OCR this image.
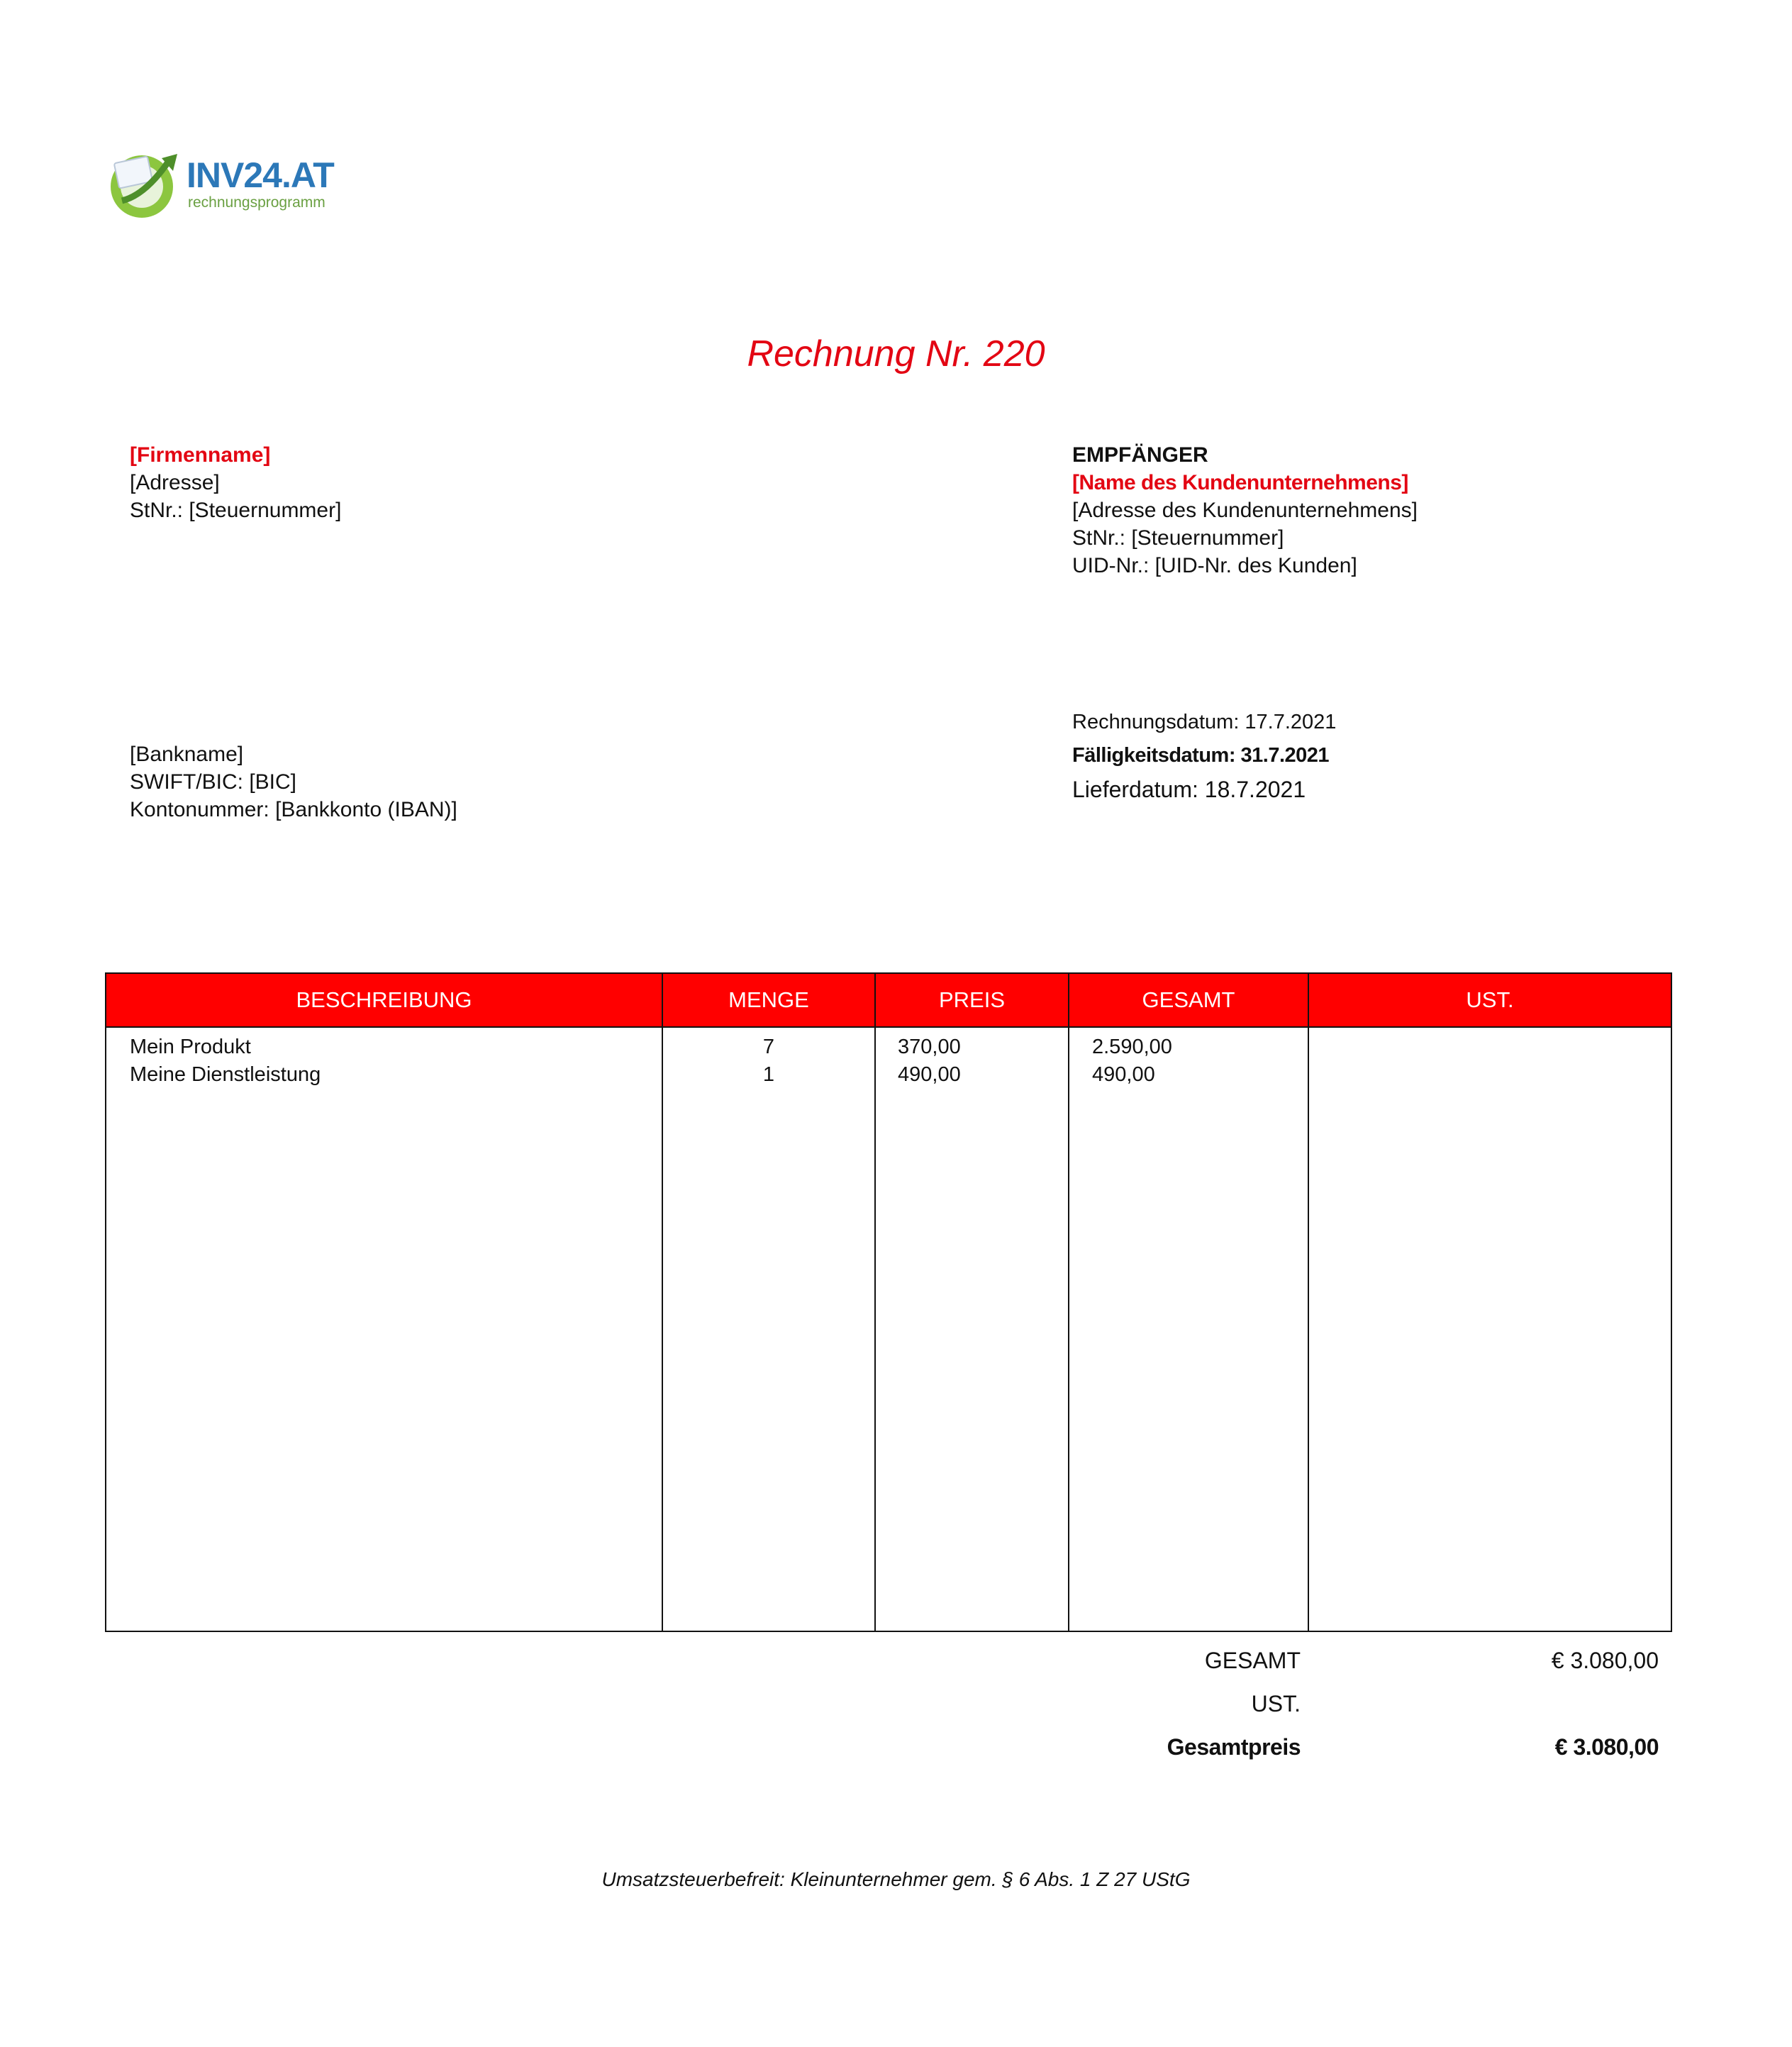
INV24.AT
rechnungsprogramm
Rechnung Nr. 220
[Firmenname]
[Adresse]
StNr.: [Steuernummer]
EMPFÄNGER
[Name des Kundenunternehmens]
[Adresse des Kundenunternehmens]
StNr.: [Steuernummer]
UID-Nr.: [UID-Nr. des Kunden]
[Bankname]
SWIFT/BIC: [BIC]
Kontonummer: [Bankkonto (IBAN)]
Rechnungsdatum: 17.7.2021
Fälligkeitsdatum: 31.7.2021
Lieferdatum: 18.7.2021
BESCHREIBUNG	MENGE	PREIS	GESAMT	UST.
Mein Produkt	7	370,00	2.590,00
Meine Dienstleistung	1	490,00	490,00
GESAMT	€ 3.080,00
UST.
Gesamtpreis	€ 3.080,00
Umsatzsteuerbefreit: Kleinunternehmer gem. § 6 Abs. 1 Z 27 UStG
